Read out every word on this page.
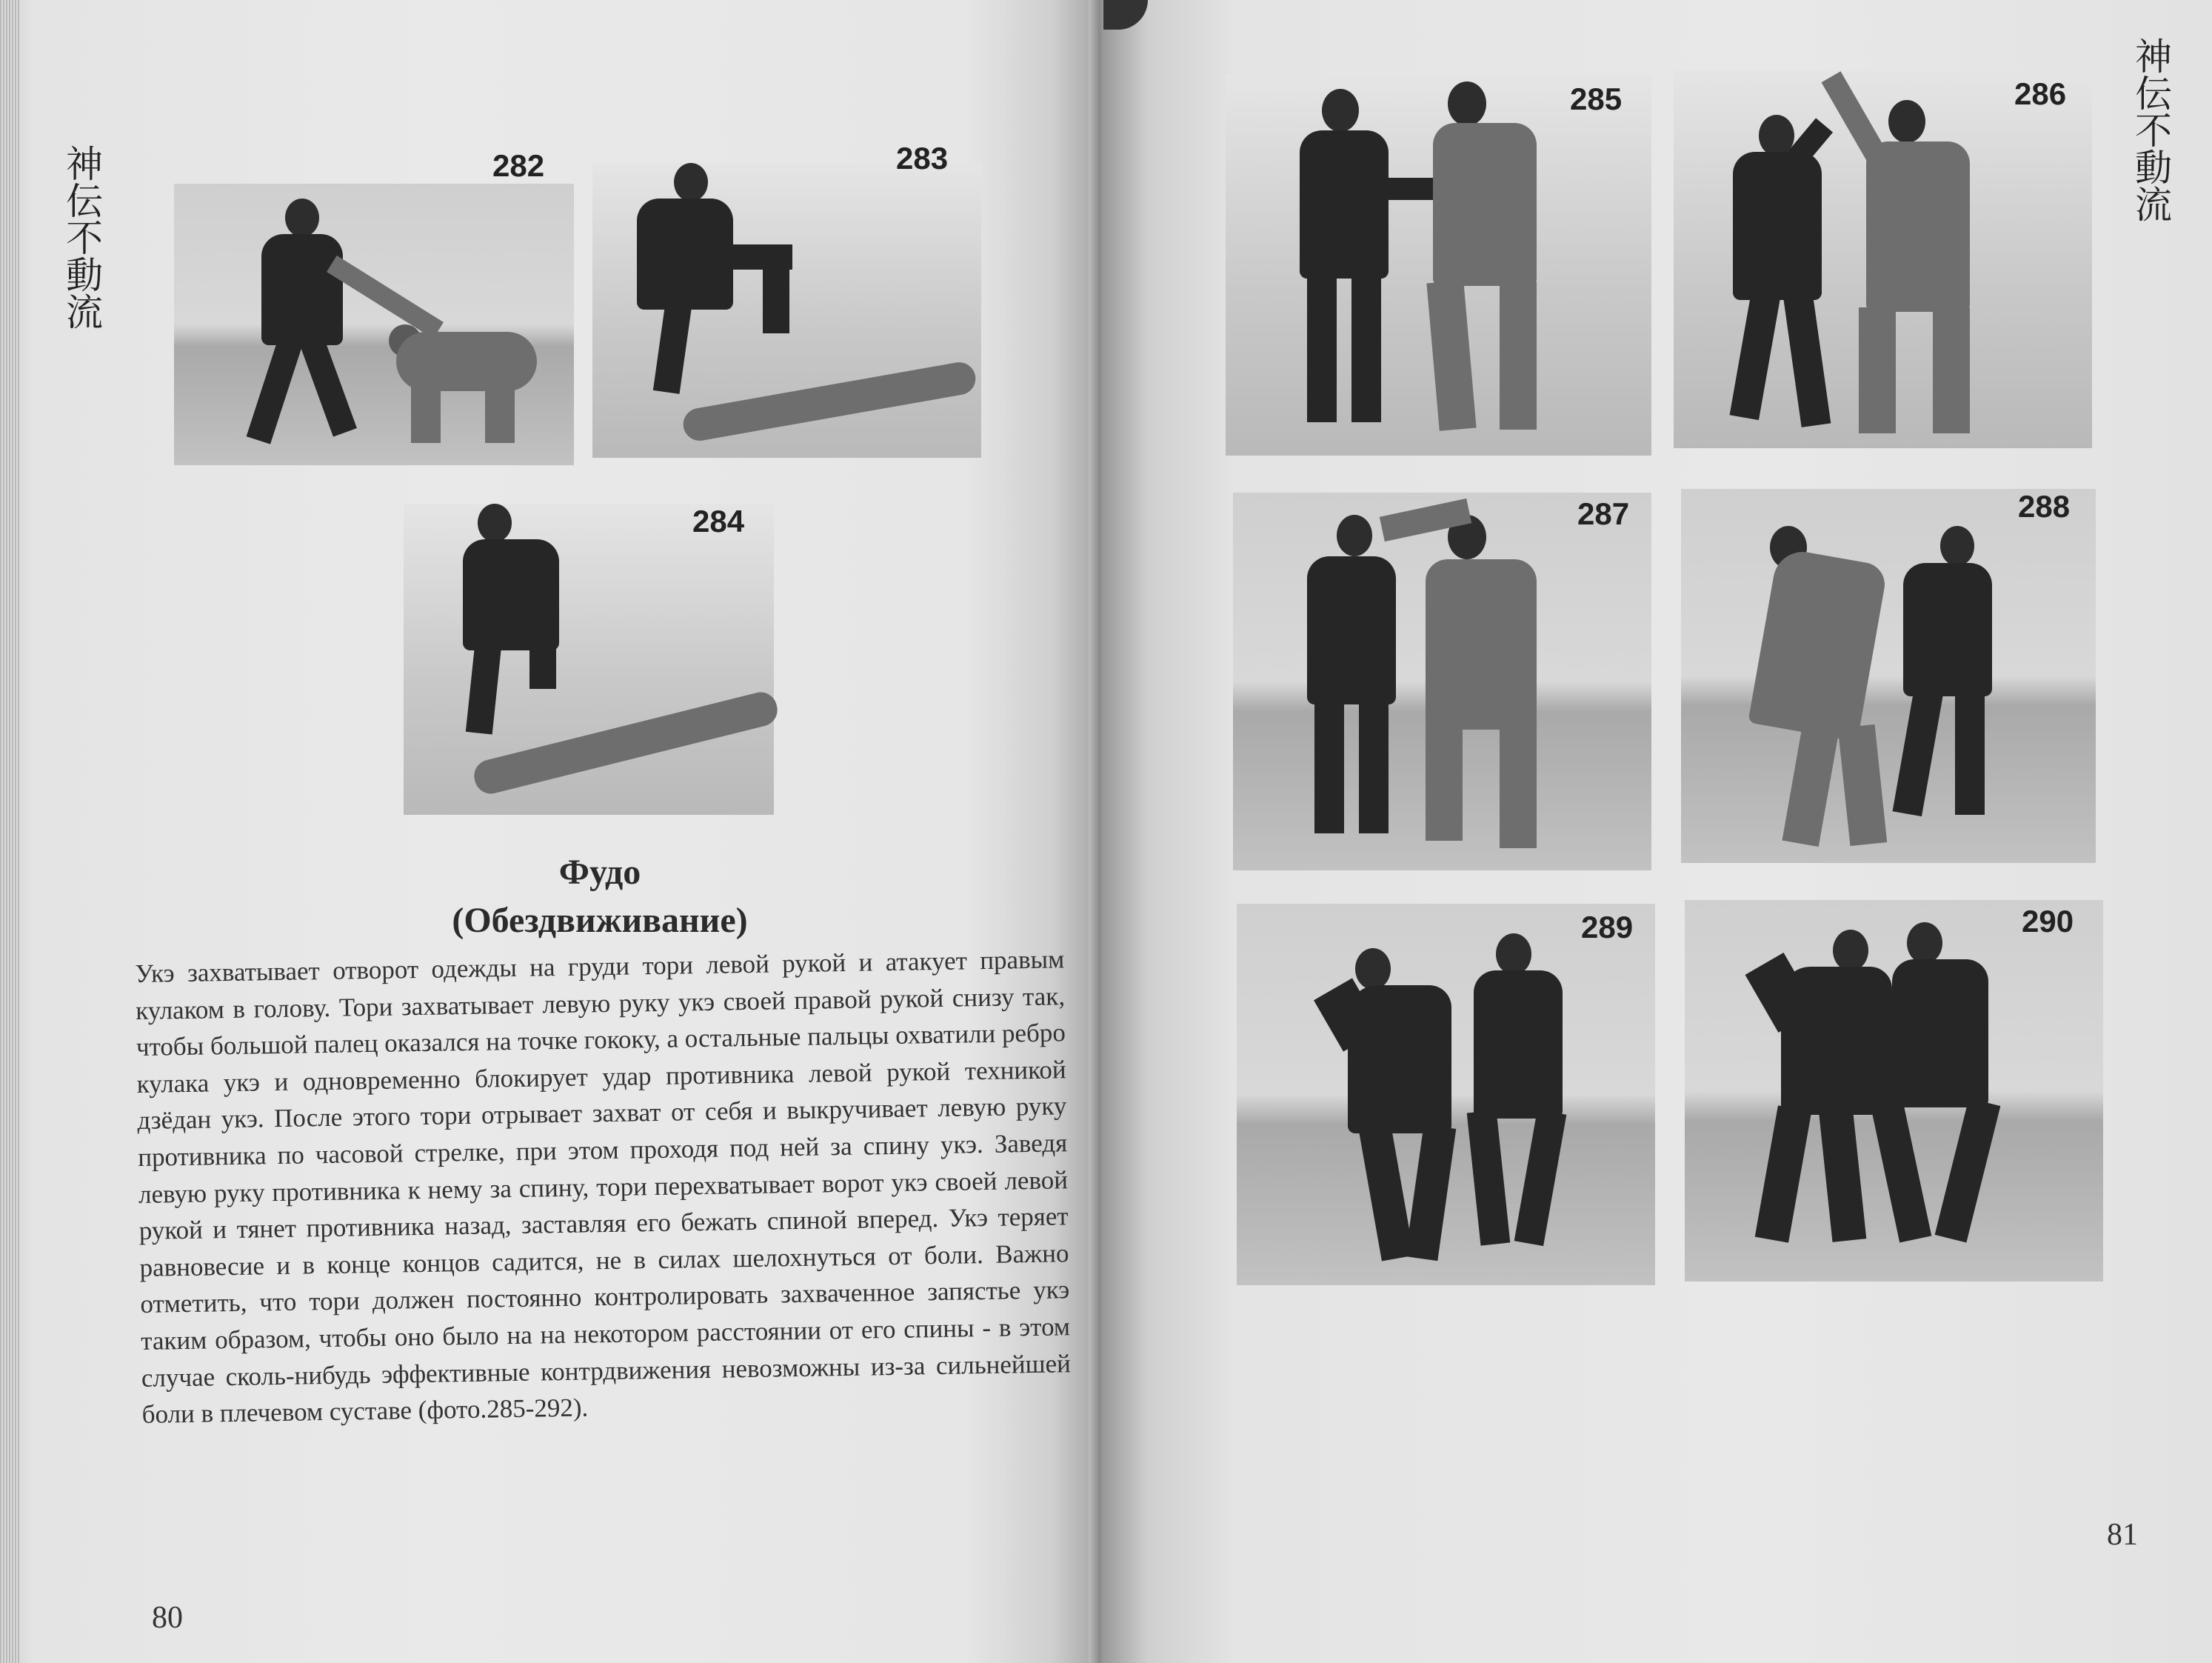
神伝不動流	282	283
284
Фудо
(Обездвиживание)

Укэ захватывает отворот одежды на груди тори левой рукой и атакует правым кулаком в голову. Тори захватывает левую руку укэ своей правой рукой снизу так, чтобы большой палец оказался на точке гококу, а остальные пальцы охватили ребро кулака укэ и одновременно блокирует удар противника левой рукой техникой дзёдан укэ. После этого тори отрывает захват от себя и выкручивает левую руку противника по часовой стрелке, при этом проходя под ней за спину укэ. Заведя левую руку противника к нему за спину, тори перехватывает ворот укэ своей левой рукой и тянет противника назад, заставляя его бежать спиной вперед. Укэ теряет равновесие и в конце концов садится, не в силах шелохнуться от боли. Важно отметить, что тори должен постоянно контролировать захваченное запястье укэ таким образом, чтобы оно было на на некотором расстоянии от его спины - в этом случае сколь-нибудь эффективные контрдвижения невозможны из-за сильнейшей боли в плечевом суставе (фото.285-292).

80
神伝不動流
285	286
287	288
289	290
81
